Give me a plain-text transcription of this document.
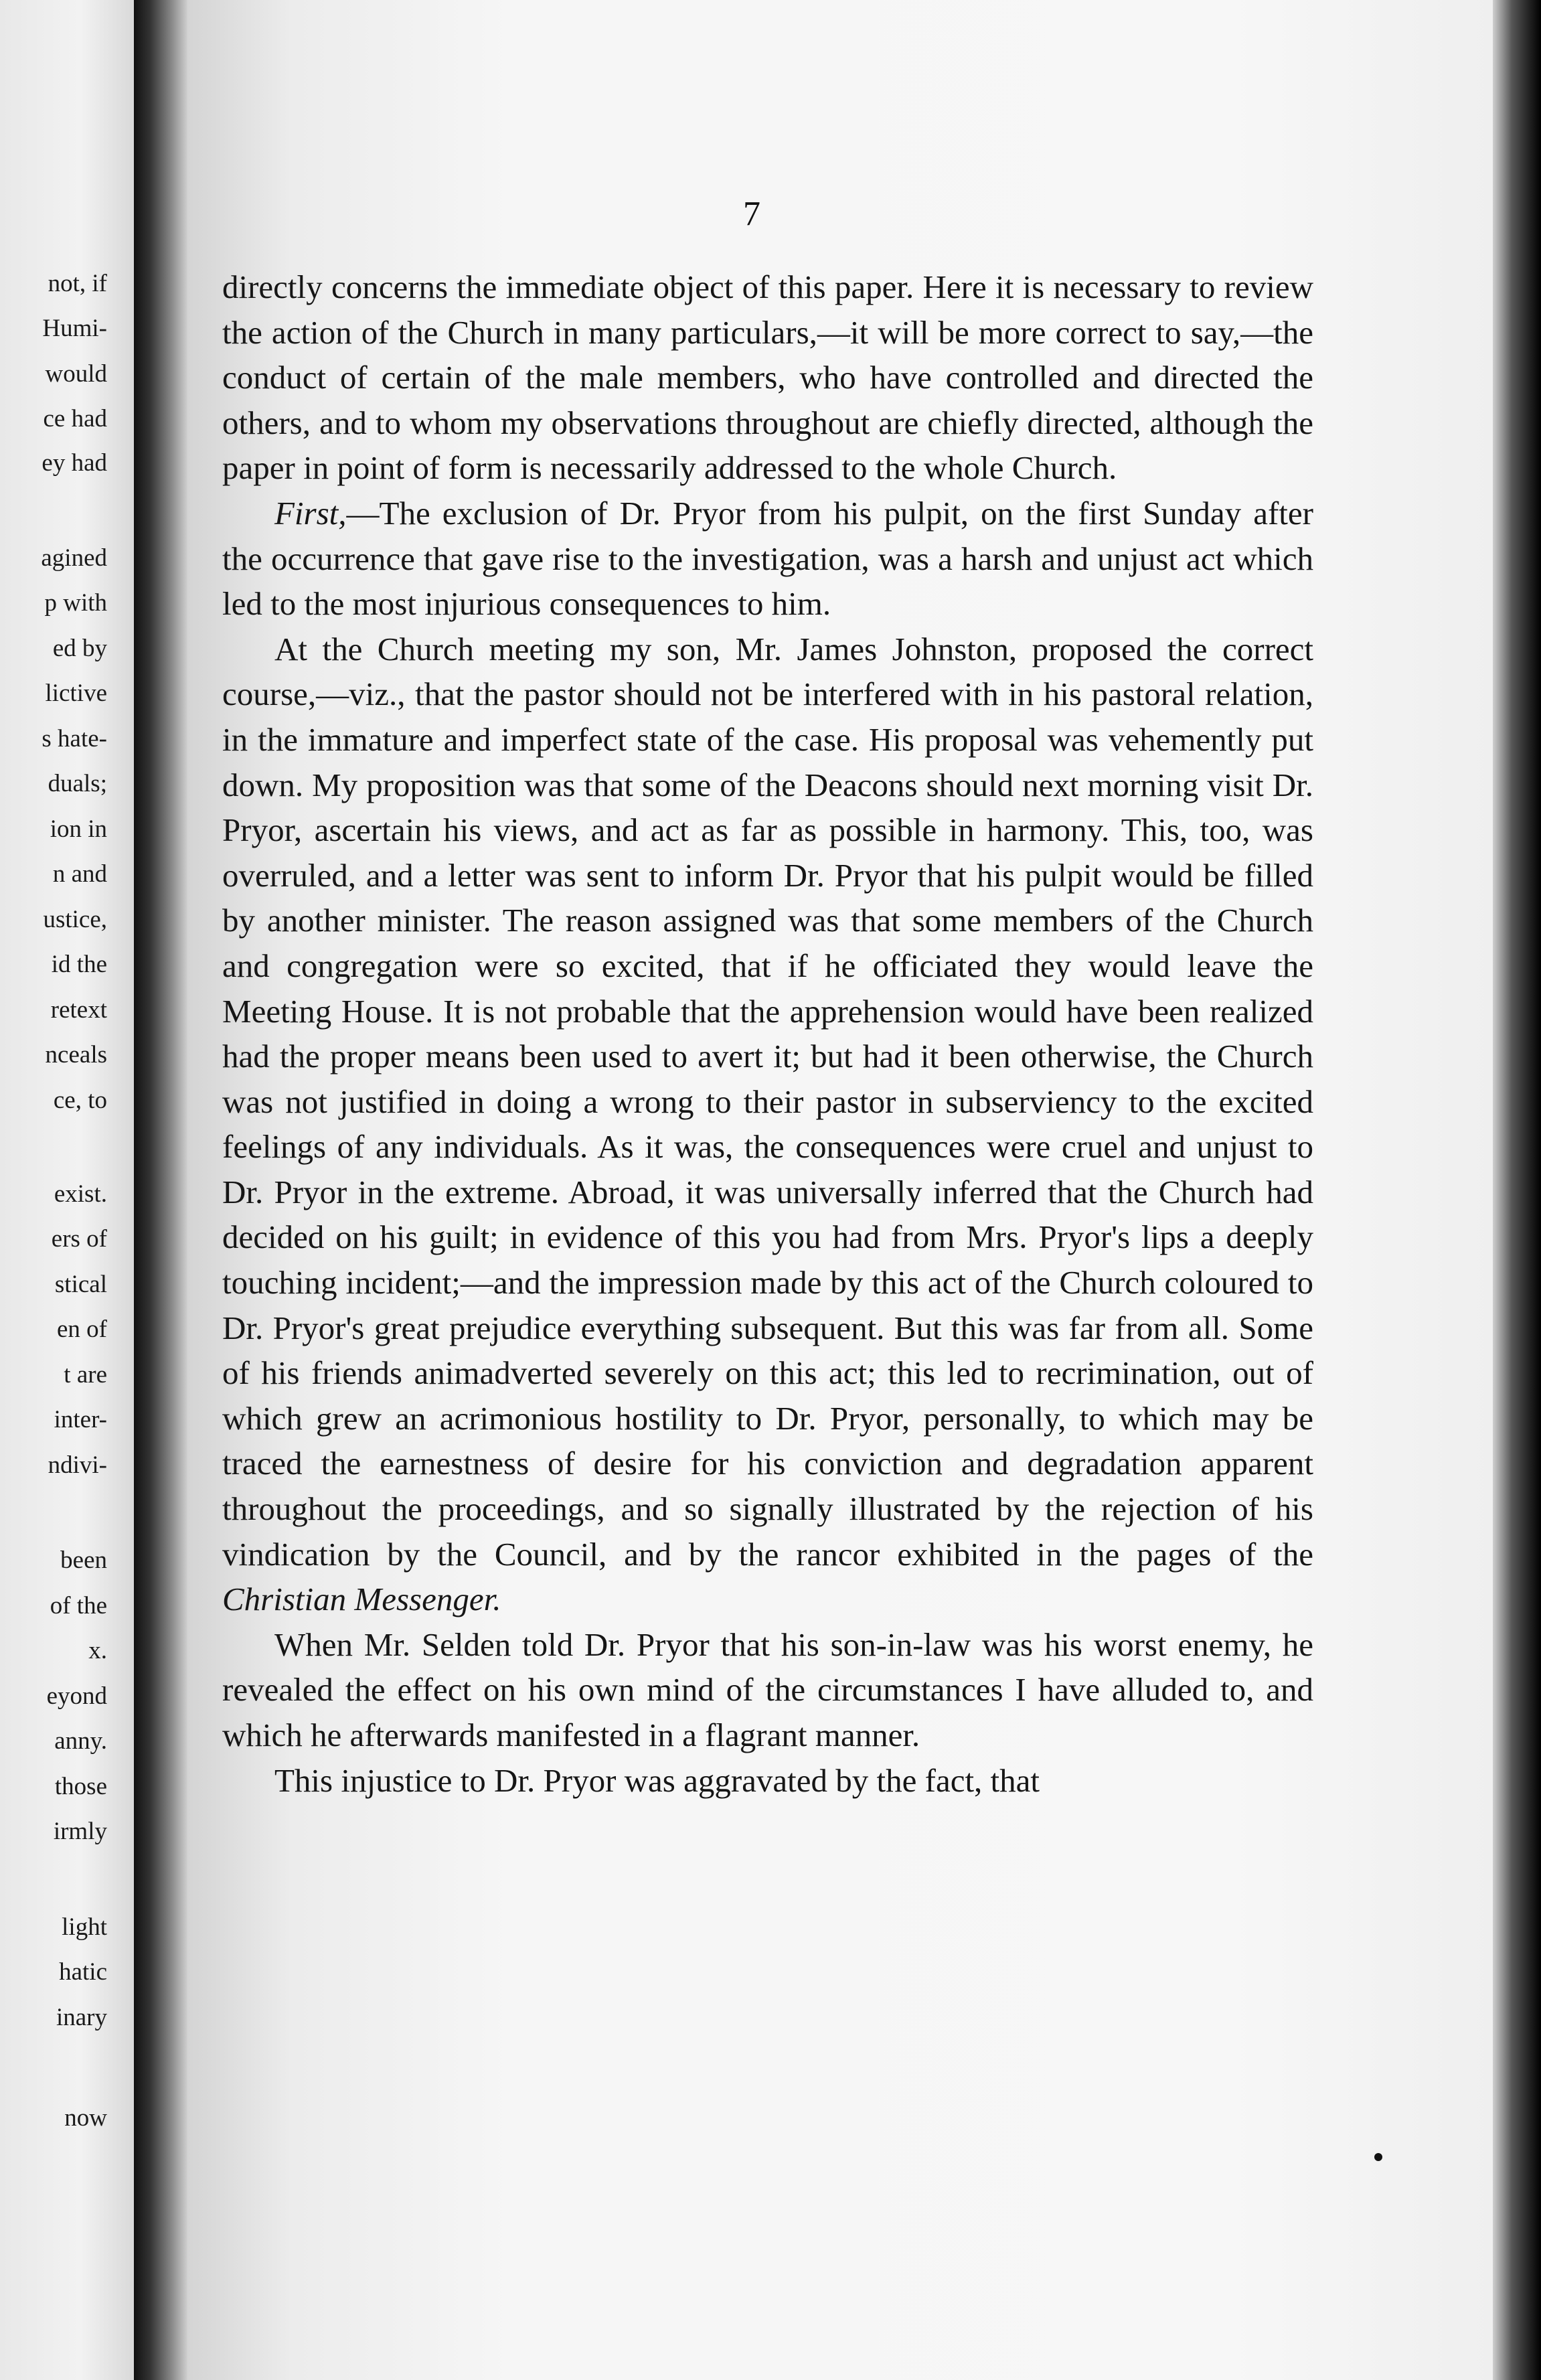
not, if
Humi-
would
ce had
ey had
agined
p with
ed by
lictive
s hate-
duals;
ion in
n and
ustice,
id the
retext
nceals
ce, to
exist.
ers of
stical
en of
t are
inter-
ndivi-
been
of the
x.
eyond
anny.
those
irmly
light
hatic
inary
now
7

directly concerns the immediate object of this paper. Here it is necessary to review the action of the Church in many particulars,—it will be more correct to say,—the conduct of certain of the male members, who have controlled and directed the others, and to whom my observations throughout are chiefly directed, although the paper in point of form is necessarily addressed to the whole Church.

First,—The exclusion of Dr. Pryor from his pulpit, on the first Sunday after the occurrence that gave rise to the investigation, was a harsh and unjust act which led to the most injurious consequences to him.

At the Church meeting my son, Mr. James Johnston, proposed the correct course,—viz., that the pastor should not be interfered with in his pastoral relation, in the immature and imperfect state of the case. His proposal was vehemently put down. My proposition was that some of the Deacons should next morning visit Dr. Pryor, ascertain his views, and act as far as possible in harmony. This, too, was overruled, and a letter was sent to inform Dr. Pryor that his pulpit would be filled by another minister. The reason assigned was that some members of the Church and congregation were so excited, that if he officiated they would leave the Meeting House. It is not probable that the apprehension would have been realized had the proper means been used to avert it; but had it been otherwise, the Church was not justified in doing a wrong to their pastor in subserviency to the excited feelings of any individuals. As it was, the consequences were cruel and unjust to Dr. Pryor in the extreme. Abroad, it was universally inferred that the Church had decided on his guilt; in evidence of this you had from Mrs. Pryor's lips a deeply touching incident;—and the impression made by this act of the Church coloured to Dr. Pryor's great prejudice everything subsequent. But this was far from all. Some of his friends animadverted severely on this act; this led to recrimination, out of which grew an acrimonious hostility to Dr. Pryor, personally, to which may be traced the earnestness of desire for his conviction and degradation apparent throughout the proceedings, and so signally illustrated by the rejection of his vindication by the Council, and by the rancor exhibited in the pages of the Christian Messenger.

When Mr. Selden told Dr. Pryor that his son-in-law was his worst enemy, he revealed the effect on his own mind of the circumstances I have alluded to, and which he afterwards manifested in a flagrant manner.

This injustice to Dr. Pryor was aggravated by the fact, that
